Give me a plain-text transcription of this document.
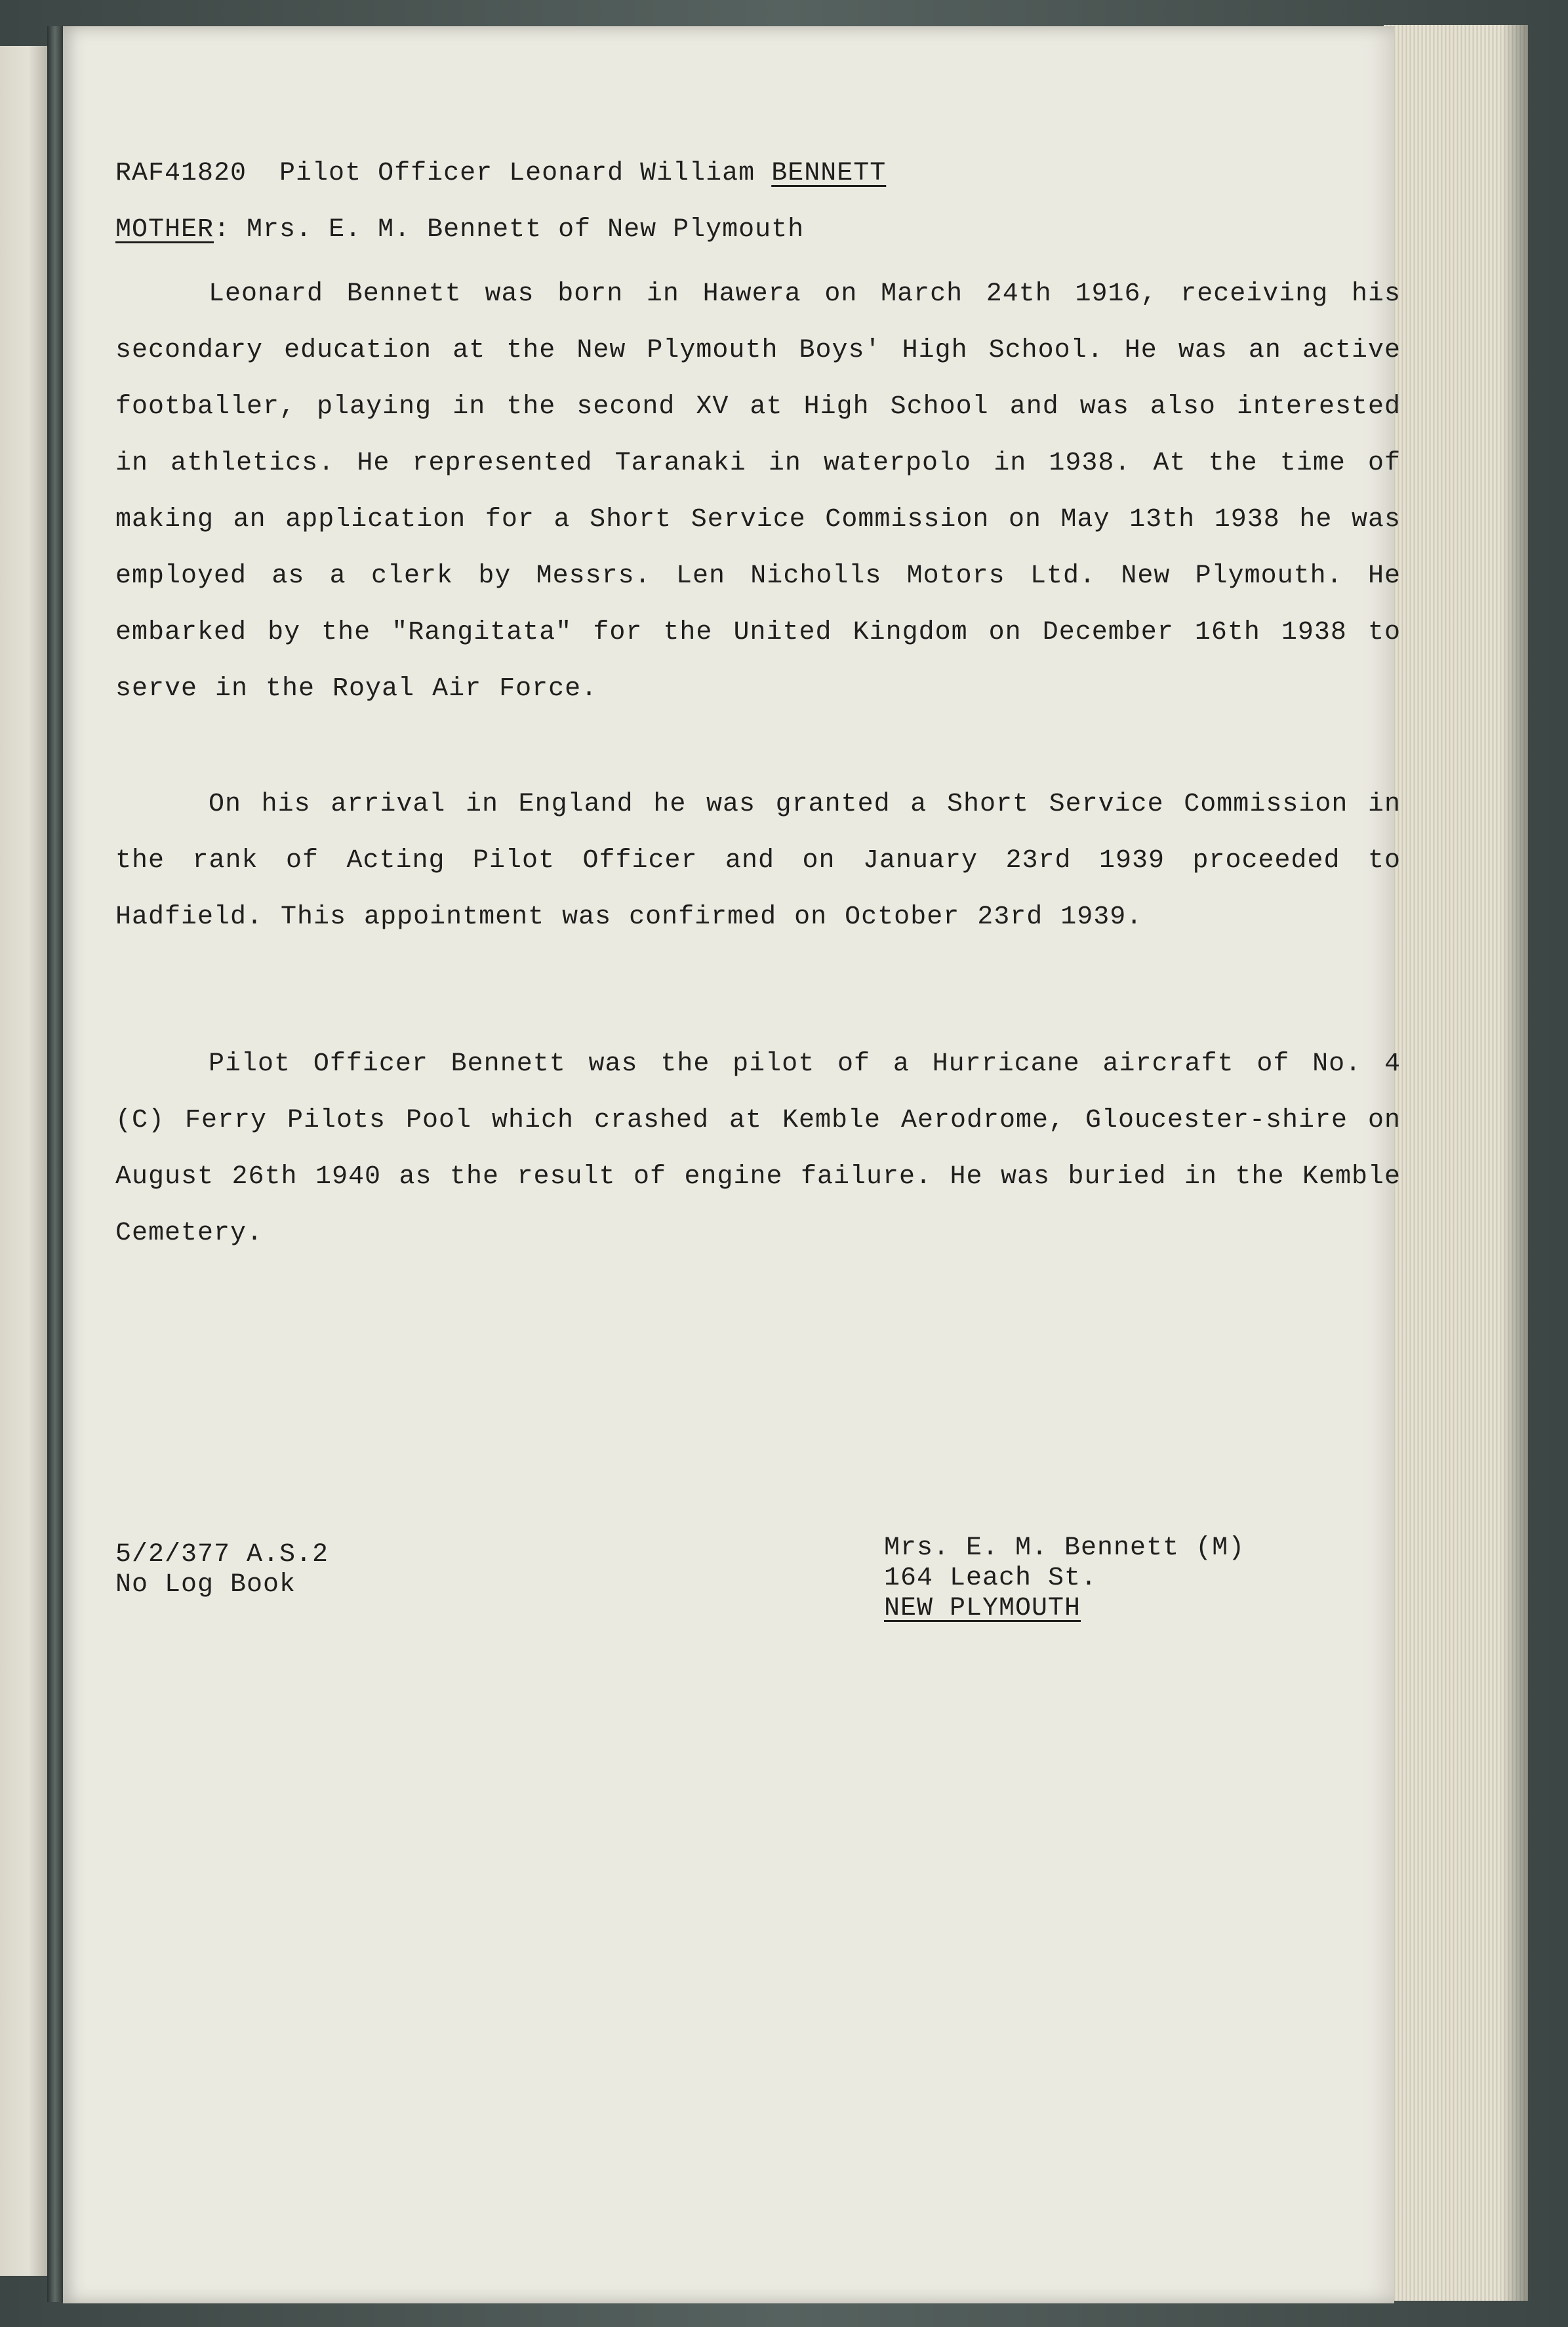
RAF41820 Pilot Officer Leonard William BENNETT
MOTHER: Mrs. E. M. Bennett of New Plymouth

Leonard Bennett was born in Hawera on March 24th 1916, receiving his secondary education at the New Plymouth Boys' High School. He was an active footballer, playing in the second XV at High School and was also interested in athletics. He represented Taranaki in waterpolo in 1938. At the time of making an application for a Short Service Commission on May 13th 1938 he was employed as a clerk by Messrs. Len Nicholls Motors Ltd. New Plymouth. He embarked by the "Rangitata" for the United Kingdom on December 16th 1938 to serve in the Royal Air Force.

On his arrival in England he was granted a Short Service Commission in the rank of Acting Pilot Officer and on January 23rd 1939 proceeded to Hadfield. This appointment was confirmed on October 23rd 1939.

Pilot Officer Bennett was the pilot of a Hurricane aircraft of No. 4 (C) Ferry Pilots Pool which crashed at Kemble Aerodrome, Gloucester-shire on August 26th 1940 as the result of engine failure. He was buried in the Kemble Cemetery.

5/2/377 A.S.2
No Log Book
Mrs. E. M. Bennett (M)
164 Leach St.
NEW PLYMOUTH
